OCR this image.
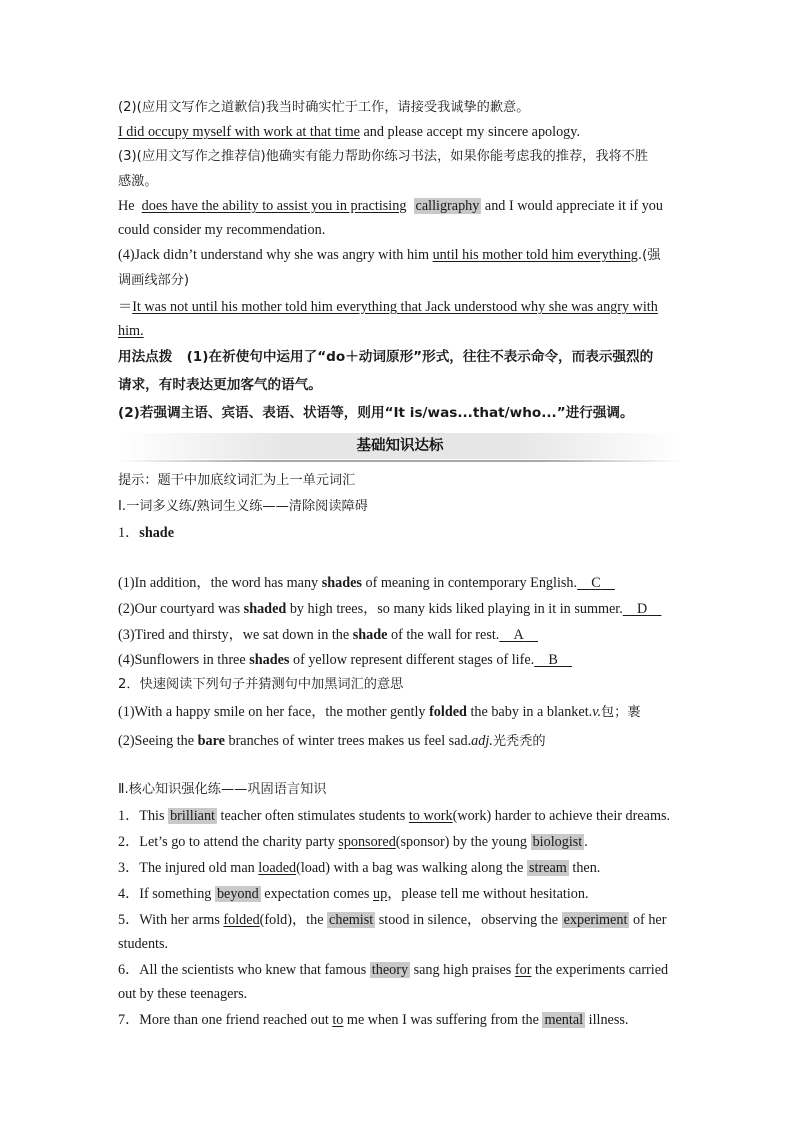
(2)(应用文写作之道歉信)我当时确实忙于工作，请接受我诚挚的歉意。
I did occupy myself with work at that time and please accept my sincere apology.
(3)(应用文写作之推荐信)他确实有能力帮助你练习书法，如果你能考虑我的推荐，我将不胜
感激。
He does have the ability to assist you in practising calligraphy and I would appreciate it if you
could consider my recommendation.
(4)Jack didn’t understand why she was angry with him until his mother told him everything.(强
调画线部分)
＝It was not until his mother told him everything that Jack understood why she was angry with
him.
用法点拨 (1)在祈使句中运用了“do＋动词原形”形式，往往不表示命令，而表示强烈的
请求，有时表达更加客气的语气。
(2)若强调主语、宾语、表语、状语等，则用“It is/was...that/who...”进行强调。
基础知识达标
提示：题干中加底纹词汇为上一单元词汇
Ⅰ.一词多义练/熟词生义练——清除阅读障碍
1．shade
(1)In addition，the word has many shades of meaning in contemporary English. C
(2)Our courtyard was shaded by high trees，so many kids liked playing in it in summer. D
(3)Tired and thirsty，we sat down in the shade of the wall for rest. A
(4)Sunflowers in three shades of yellow represent different stages of life. B
2．快速阅读下列句子并猜测句中加黑词汇的意思
(1)With a happy smile on her face，the mother gently folded the baby in a blanket.v.包；裹
(2)Seeing the bare branches of winter trees makes us feel sad.adj.光秃秃的
Ⅱ.核心知识强化练——巩固语言知识
1．This brilliant teacher often stimulates students to work(work) harder to achieve their dreams.
2．Let’s go to attend the charity party sponsored(sponsor) by the young biologist .
3．The injured old man loaded(load) with a bag was walking along the stream then.
4．If something beyond expectation comes up，please tell me without hesitation.
5．With her arms folded(fold)，the chemist stood in silence，observing the experiment of her
students.
6．All the scientists who knew that famous theory sang high praises for the experiments carried
out by these teenagers.
7．More than one friend reached out to me when I was suffering from the mental illness.
